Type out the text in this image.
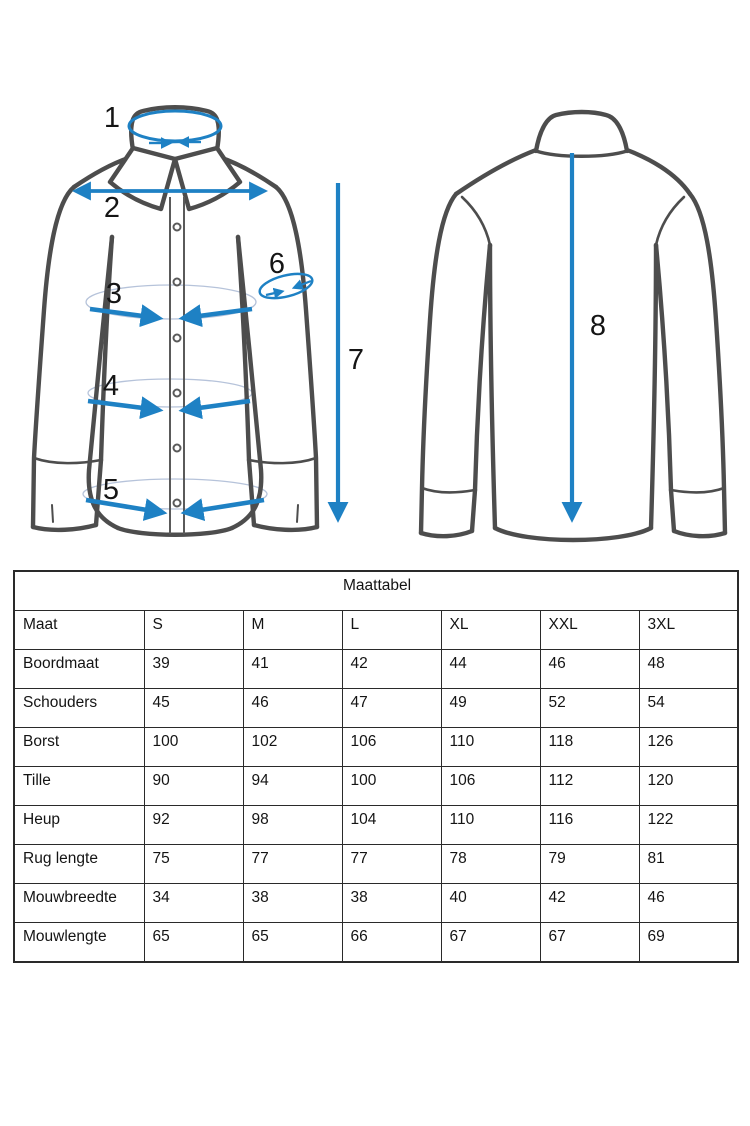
1
2
3
4
5
6
7
8
Maattabel						
Maat	S	M	L	XL	XXL	3XL
Boordmaat	39	41	42	44	46	48
Schouders	45	46	47	49	52	54
Borst	100	102	106	110	118	126
Tille	90	94	100	106	112	120
Heup	92	98	104	110	116	122
Rug lengte	75	77	77	78	79	81
Mouwbreedte	34	38	38	40	42	46
Mouwlengte	65	65	66	67	67	69
